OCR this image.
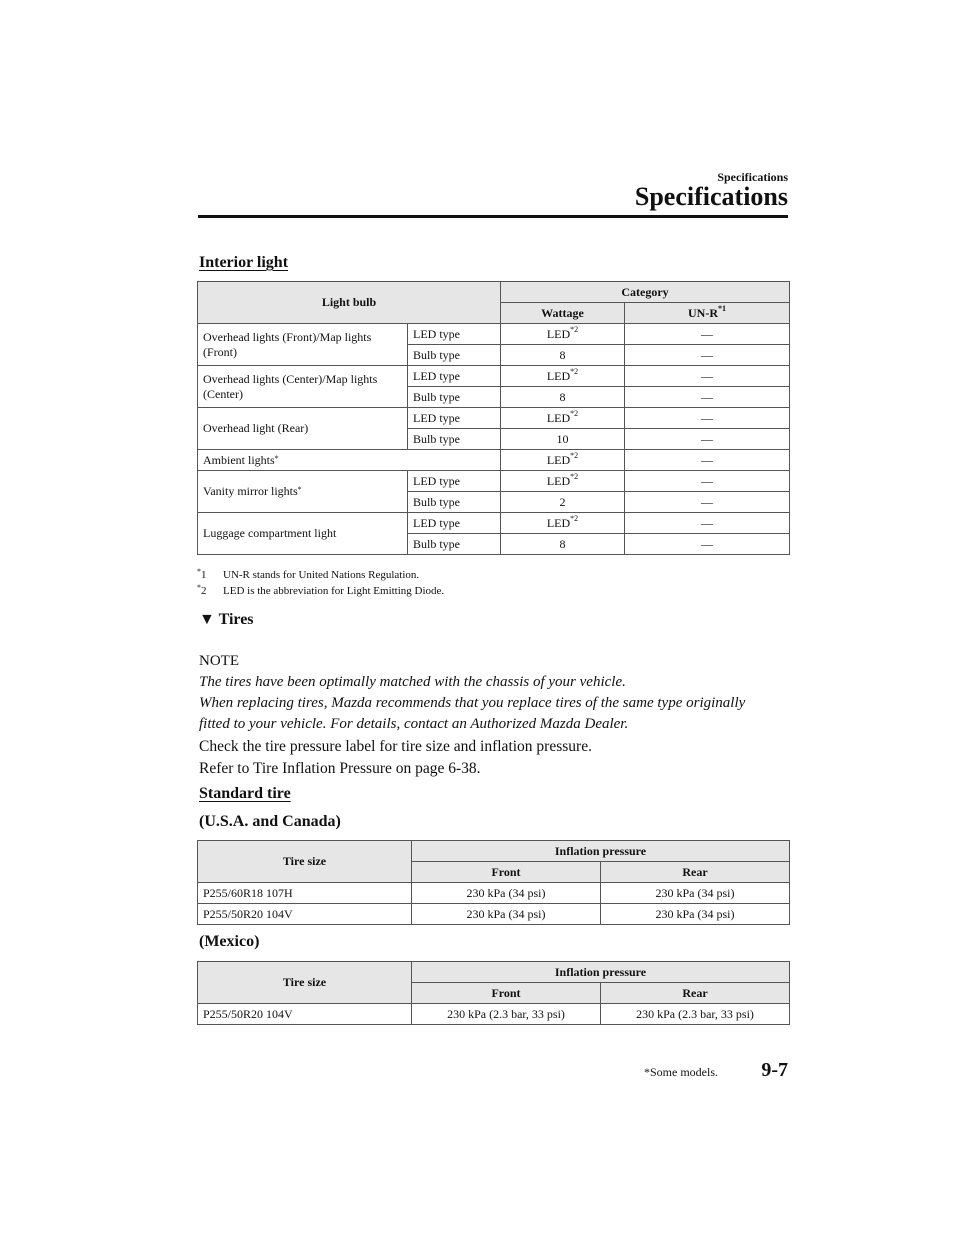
Specifications
Specifications
Interior light
Light bulb		Category	
		Wattage	$UN-R^{*1}$
Overhead lights (Front)/Map lights (Front)	LED type	LED$^{*2}$	―
	Bulb type	8	―
Overhead lights (Center)/Map lights (Center)	LED type	LED$^{*2}$	―
	Bulb type	8	―
Overhead light (Rear)	LED type	LED$^{*2}$	―
	Bulb type	10	―
Ambient lights*		LED$^{*2}$	―
Vanity mirror lights*	LED type	LED$^{*2}$	―
	Bulb type	2	―
Luggage compartment light	LED type	LED$^{*2}$	―
	Bulb type	8	―
*1 UN-R stands for United Nations Regulation.
*2 LED is the abbreviation for Light Emitting Diode.
▼ Tires
NOTE
The tires have been optimally matched with the chassis of your vehicle.
When replacing tires, Mazda recommends that you replace tires of the same type originally
fitted to your vehicle. For details, contact an Authorized Mazda Dealer.
Check the tire pressure label for tire size and inflation pressure.
Refer to Tire Inflation Pressure on page 6-38.
Standard tire
(U.S.A. and Canada)
Tire size	Inflation pressure	
	Front	Rear
P255/60R18 107H	230 kPa (34 psi)	230 kPa (34 psi)
P255/50R20 104V	230 kPa (34 psi)	230 kPa (34 psi)
(Mexico)
Tire size	Inflation pressure	
	Front	Rear
P255/50R20 104V	230 kPa (2.3 bar, 33 psi)	230 kPa (2.3 bar, 33 psi)
*Some models. 9-7
